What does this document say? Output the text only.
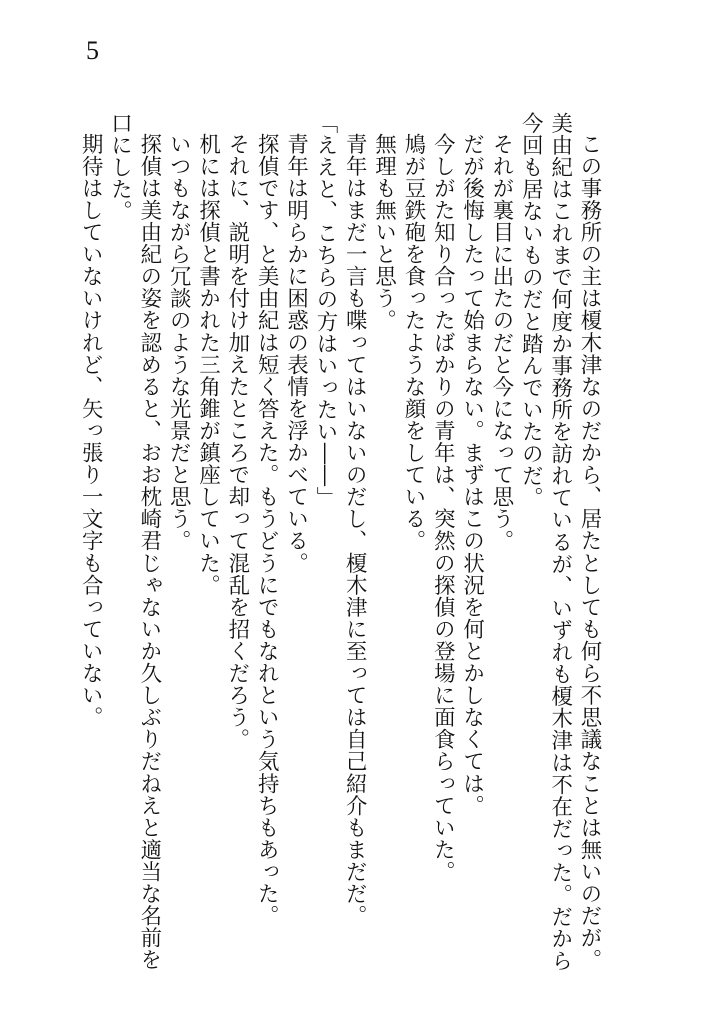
5

この事務所の主は榎木津なのだから、居たとしても何ら不思議なことは無いのだが。美由紀はこれまで何度か事務所を訪れているが、いずれも榎木津は不在だった。だから今回も居ないものだと踏んでいたのだ。

それが裏目に出たのだと今になって思う。

だが後悔したって始まらない。まずはこの状況を何とかしなくては。

今しがた知り合ったばかりの青年は、突然の探偵の登場に面食らっていた。

鳩が豆鉄砲を食ったような顔をしている。

無理も無いと思う。

青年はまだ一言も喋ってはいないのだし、榎木津に至っては自己紹介もまだだ。

「ええと、こちらの方はいったい――」

青年は明らかに困惑の表情を浮かべている。

探偵です、と美由紀は短く答えた。もうどうにでもなれという気持ちもあった。

それに、説明を付け加えたところで却って混乱を招くだろう。

机には探偵と書かれた三角錐が鎮座していた。

いつもながら冗談のような光景だと思う。

探偵は美由紀の姿を認めると、おお枕崎君じゃないか久しぶりだねえと適当な名前を口にした。

期待はしていないけれど、矢っ張り一文字も合っていない。
